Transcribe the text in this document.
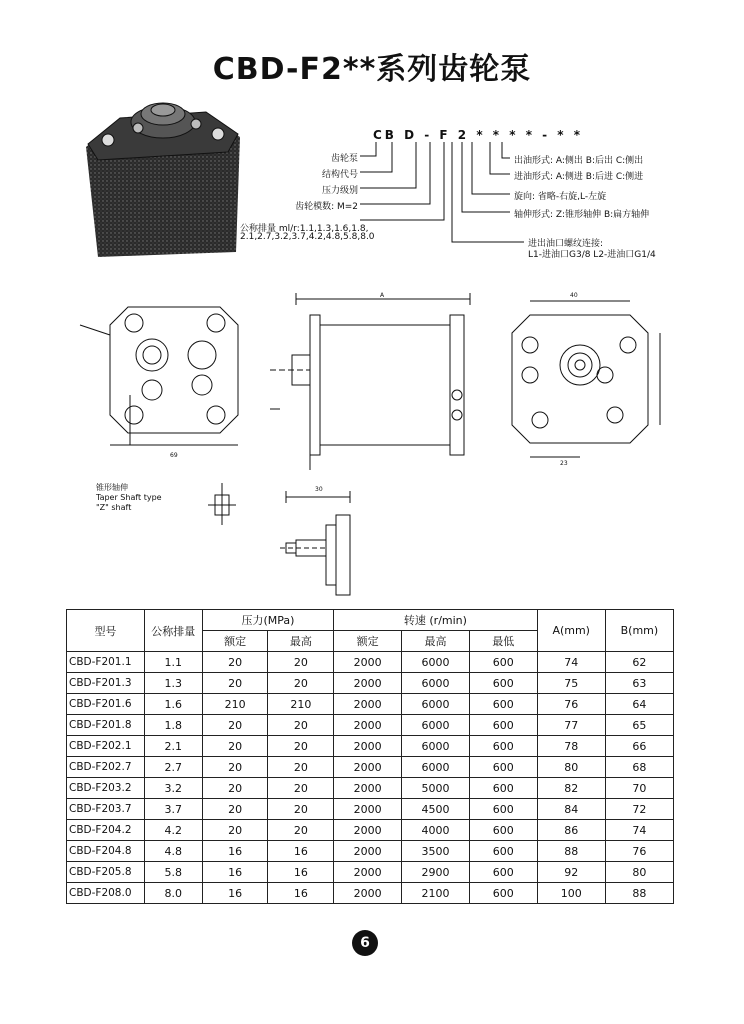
CBD-F2**系列齿轮泵
CB D - F 2 * * * * - * *
齿轮泵
结构代号
压力级别
齿轮模数: M=2
公称排量 ml/r:1.1,1.3,1.6,1.8,
2.1,2.7,3.2,3.7,4.2,4.8,5.8,8.0
出油形式: A:侧出 B:后出 C:侧出
进油形式: A:侧进 B:后进 C:侧进
旋向: 省略-右旋,L-左旋
轴伸形式: Z:锥形轴伸 B:扁方轴伸
进出油口螺纹连接:
L1-进油口G3/8 L2-进油口G1/4
A	40
69
30
23
锥形轴伸
Taper Shaft type
"Z" shaft
型号	公称排量	压力(MPa)		转速 (r/min)			A(mm)	B(mm)
		额定	最高	额定	最高	最低		
CBD-F201.1	1.1	20	20	2000	6000	600	74	62
CBD-F201.3	1.3	20	20	2000	6000	600	75	63
CBD-F201.6	1.6	210	210	2000	6000	600	76	64
CBD-F201.8	1.8	20	20	2000	6000	600	77	65
CBD-F202.1	2.1	20	20	2000	6000	600	78	66
CBD-F202.7	2.7	20	20	2000	6000	600	80	68
CBD-F203.2	3.2	20	20	2000	5000	600	82	70
CBD-F203.7	3.7	20	20	2000	4500	600	84	72
CBD-F204.2	4.2	20	20	2000	4000	600	86	74
CBD-F204.8	4.8	16	16	2000	3500	600	88	76
CBD-F205.8	5.8	16	16	2000	2900	600	92	80
CBD-F208.0	8.0	16	16	2000	2100	600	100	88
6
